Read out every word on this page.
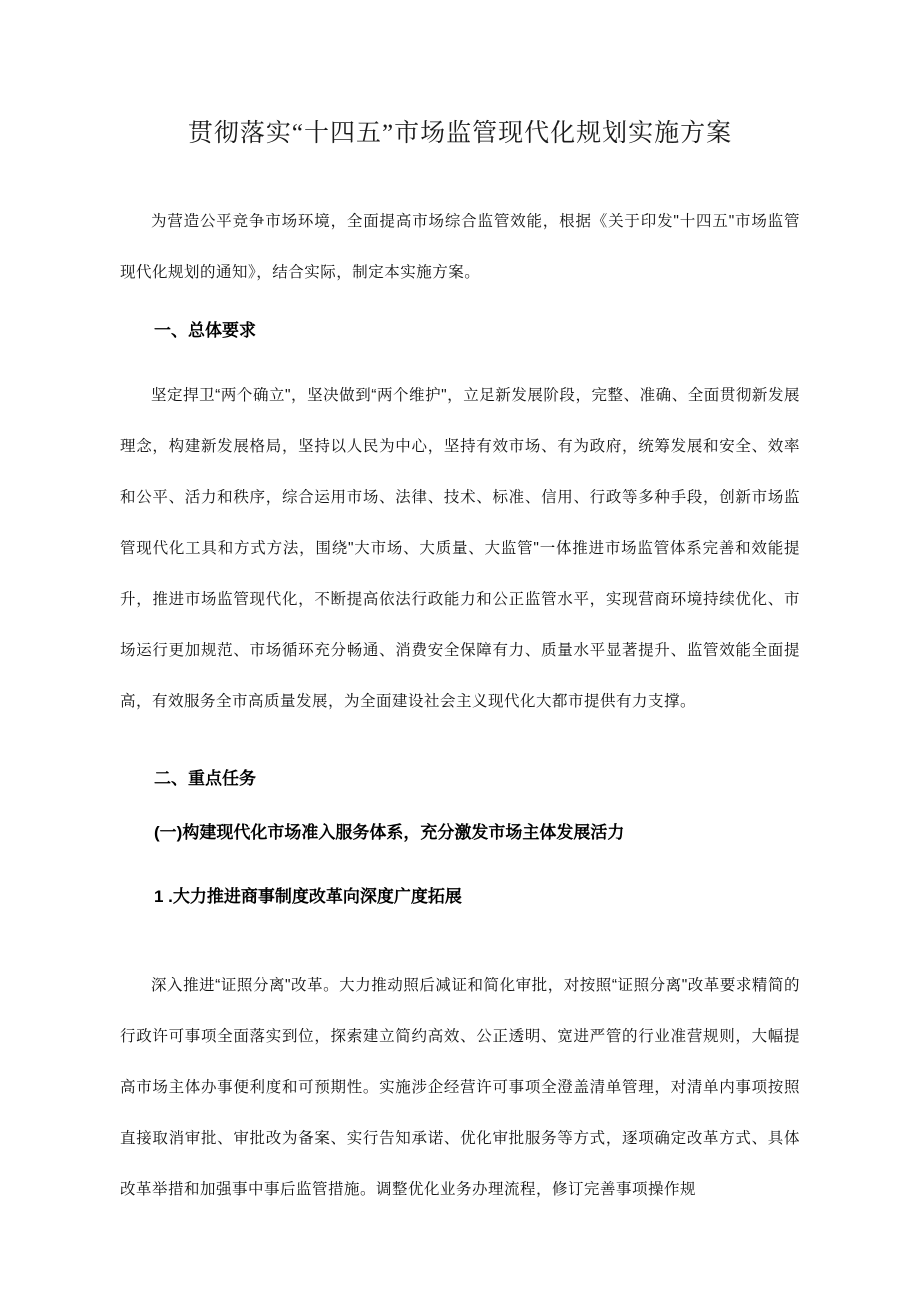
贯彻落实“十四五”市场监管现代化规划实施方案
为营造公平竞争市场环境，全面提高市场综合监管效能，根据《关于印发"十四五"市场监管现代化规划的通知》，结合实际，制定本实施方案。
一、总体要求
坚定捍卫“两个确立"，坚决做到“两个维护"，立足新发展阶段，完整、准确、全面贯彻新发展理念，构建新发展格局，坚持以人民为中心，坚持有效市场、有为政府，统筹发展和安全、效率和公平、活力和秩序，综合运用市场、法律、技术、标准、信用、行政等多种手段，创新市场监管现代化工具和方式方法，围绕"大市场、大质量、大监管"一体推进市场监管体系完善和效能提升，推进市场监管现代化，不断提高依法行政能力和公正监管水平，实现营商环境持续优化、市场运行更加规范、市场循环充分畅通、消费安全保障有力、质量水平显著提升、监管效能全面提高，有效服务全市高质量发展，为全面建设社会主义现代化大都市提供有力支撑。
二、重点任务
(一)构建现代化市场准入服务体系，充分激发市场主体发展活力
1 .大力推进商事制度改革向深度广度拓展
深入推进“证照分离"改革。大力推动照后减证和简化审批，对按照“证照分离"改革要求精简的行政许可事项全面落实到位，探索建立简约高效、公正透明、宽进严管的行业准营规则，大幅提高市场主体办事便利度和可预期性。实施涉企经营许可事项全澄盖清单管理，对清单内事项按照直接取消审批、审批改为备案、实行告知承诺、优化审批服务等方式，逐项确定改革方式、具体改革举措和加强事中事后监管措施。调整优化业务办理流程，修订完善事项操作规
